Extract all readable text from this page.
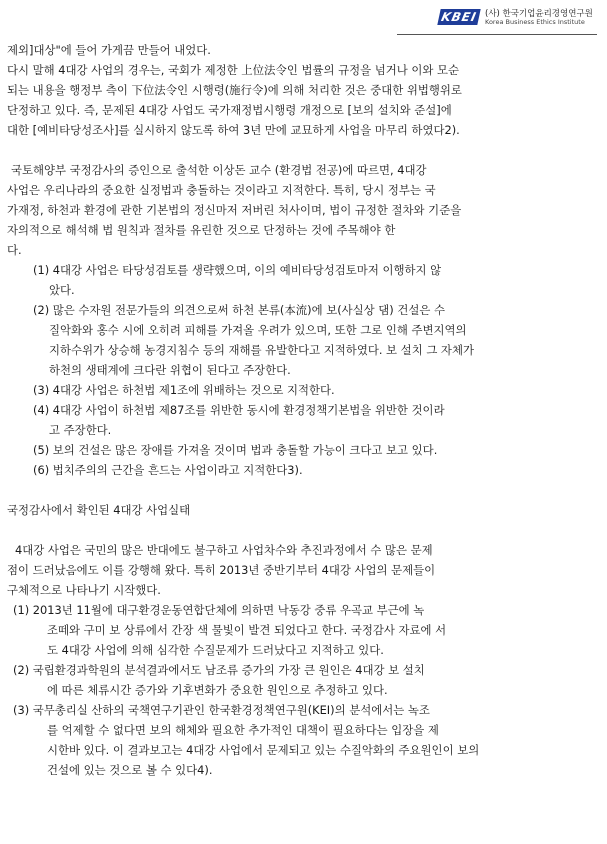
KBEI (사) 한국기업윤리경영연구원
Korea Business Ethics Institute
제외]대상"에 들어 가게끔 만들어 내었다.
다시 말해 4대강 사업의 경우는, 국회가 제정한 上位法令인 법률의 규정을 넘거나 이와 모순
되는 내용을 행정부 측이 下位法令인 시행령(施行令)에 의해 처리한 것은 중대한 위법행위로
단정하고 있다. 즉, 문제된 4대강 사업도 국가재정법시행령 개정으로 [보의 설치와 준설]에
대한 [예비타당성조사]를 실시하지 않도록 하여 3년 만에 교묘하게 사업을 마무리 하였다2).
국토해양부 국정감사의 증인으로 출석한 이상돈 교수 (환경법 전공)에 따르면, 4대강
사업은 우리나라의 중요한 실정법과 충돌하는 것이라고 지적한다. 특히, 당시 정부는 국
가재정, 하천과 환경에 관한 기본법의 정신마저 저버린 처사이며, 법이 규정한 절차와 기준을
자의적으로 해석해 법 원칙과 절차를 유린한 것으로 단정하는 것에 주목해야 한
다.
(1) 4대강 사업은 타당성검토를 생략했으며, 이의 예비타당성검토마저 이행하지 않
았다.
(2) 많은 수자원 전문가들의 의견으로써 하천 본류(本流)에 보(사실상 댐) 건설은 수
질악화와 홍수 시에 오히려 피해를 가져올 우려가 있으며, 또한 그로 인해 주변지역의
지하수위가 상승해 농경지침수 등의 재해를 유발한다고 지적하였다. 보 설치 그 자체가
하천의 생태계에 크다란 위협이 된다고 주장한다.
(3) 4대강 사업은 하천법 제1조에 위배하는 것으로 지적한다.
(4) 4대강 사업이 하천법 제87조를 위반한 동시에 환경정책기본법을 위반한 것이라
고 주장한다.
(5) 보의 건설은 많은 장애를 가져올 것이며 법과 충돌할 가능이 크다고 보고 있다.
(6) 법치주의의 근간을 흔드는 사업이라고 지적한다3).
국정감사에서 확인된 4대강 사업실태
4대강 사업은 국민의 많은 반대에도 불구하고 사업차수와 추진과정에서 수 많은 문제
점이 드러났음에도 이를 강행해 왔다. 특히 2013년 중반기부터 4대강 사업의 문제들이
구체적으로 나타나기 시작했다.
(1) 2013년 11월에 대구환경운동연합단체에 의하면 낙동강 중류 우곡교 부근에 녹
조떼와 구미 보 상류에서 간장 색 물빛이 발견 되었다고 한다. 국정감사 자료에 서
도 4대강 사업에 의해 심각한 수질문제가 드러났다고 지적하고 있다.
(2) 국립환경과학원의 분석결과에서도 남조류 증가의 가장 큰 원인은 4대강 보 설치
에 따른 체류시간 증가와 기후변화가 중요한 원인으로 추정하고 있다.
(3) 국무총리실 산하의 국책연구기관인 한국환경정책연구원(KEI)의 분석에서는 녹조
를 억제할 수 없다면 보의 해체와 필요한 추가적인 대책이 필요하다는 입장을 제
시한바 있다. 이 결과보고는 4대강 사업에서 문제되고 있는 수질악화의 주요원인이 보의
건설에 있는 것으로 볼 수 있다4).
